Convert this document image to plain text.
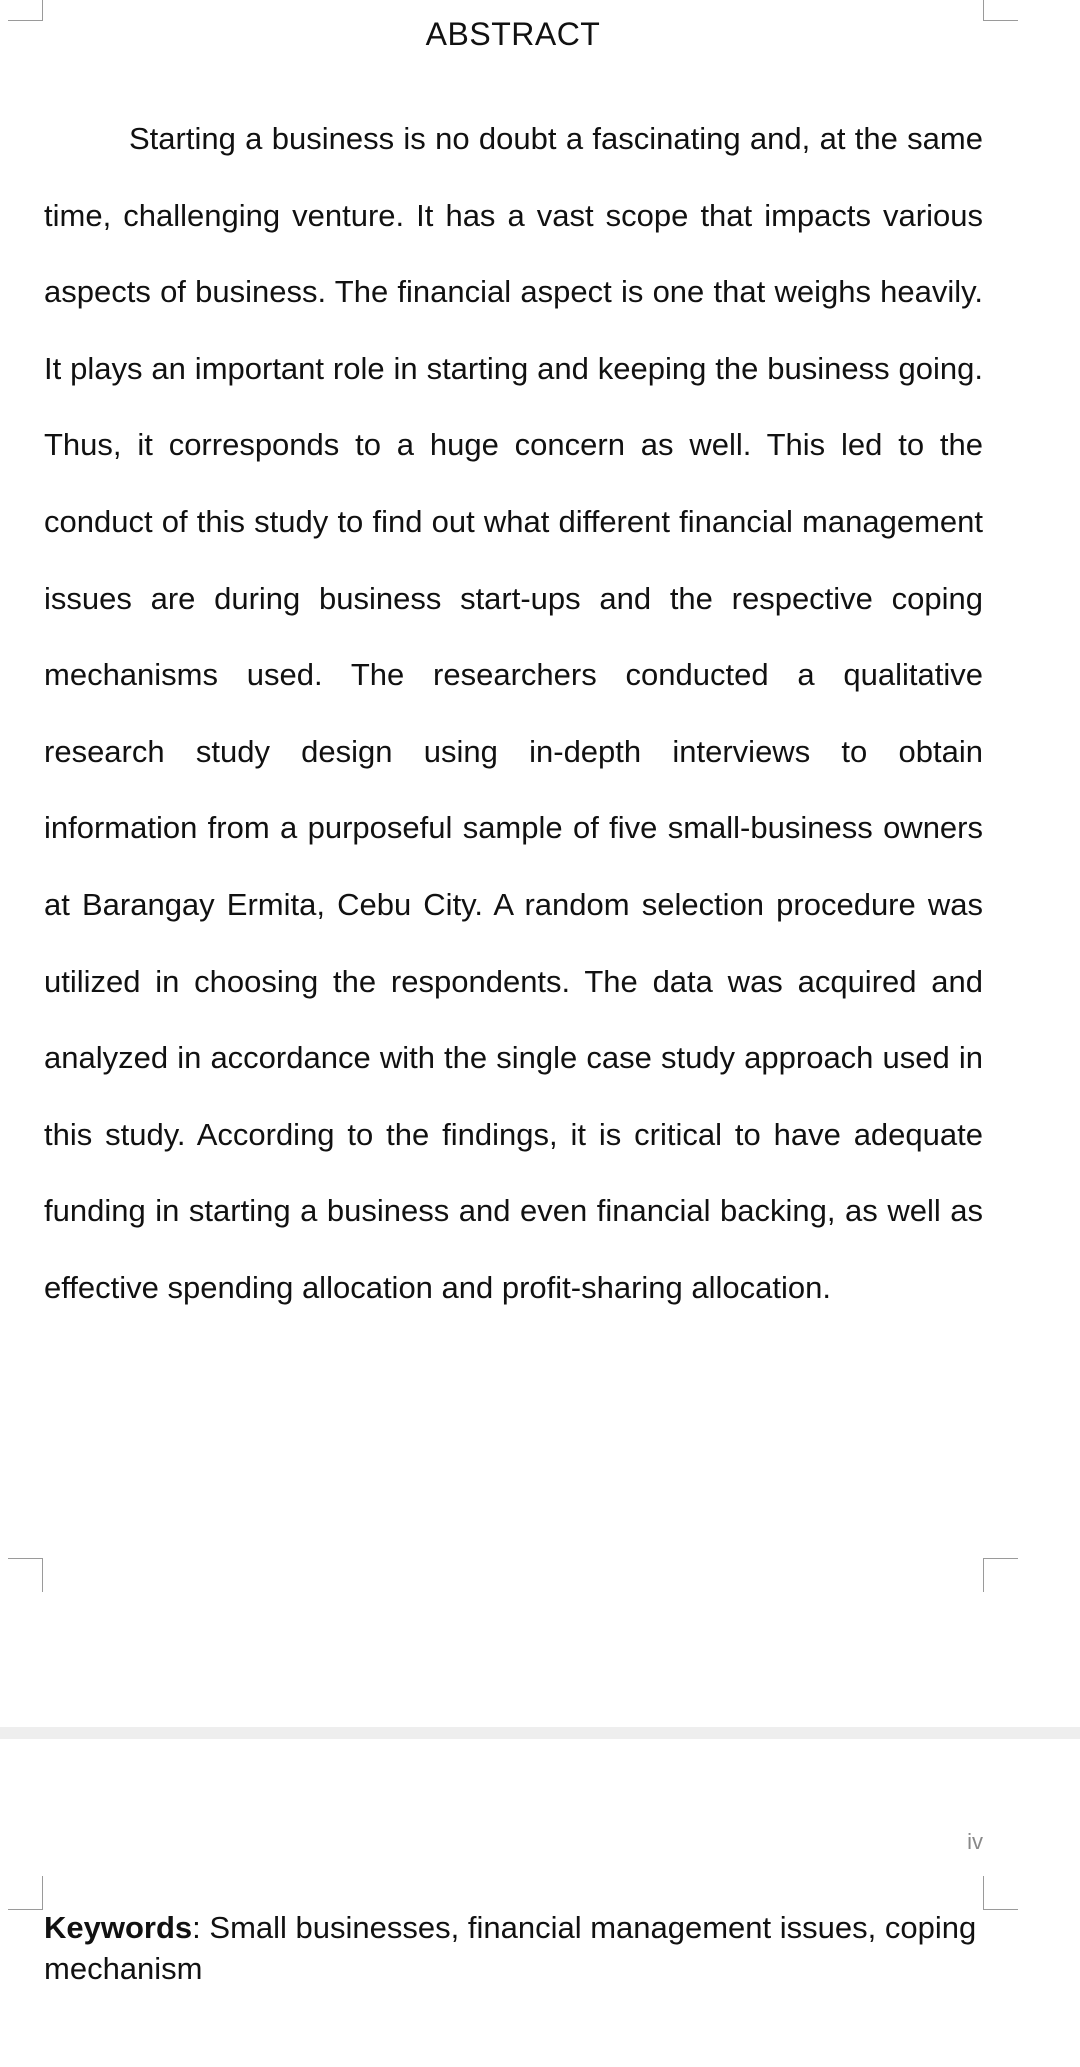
ABSTRACT

Starting a business is no doubt a fascinating and, at the same time, challenging venture. It has a vast scope that impacts various aspects of business. The financial aspect is one that weighs heavily. It plays an important role in starting and keeping the business going. Thus, it corresponds to a huge concern as well. This led to the conduct of this study to find out what different financial management issues are during business start-ups and the respective coping mechanisms used. The researchers conducted a qualitative research study design using in-depth interviews to obtain information from a purposeful sample of five small-business owners at Barangay Ermita, Cebu City. A random selection procedure was utilized in choosing the respondents. The data was acquired and analyzed in accordance with the single case study approach used in this study. According to the findings, it is critical to have adequate funding in starting a business and even financial backing, as well as effective spending allocation and profit-sharing allocation.

iv

Keywords: Small businesses, financial management issues, coping mechanism
